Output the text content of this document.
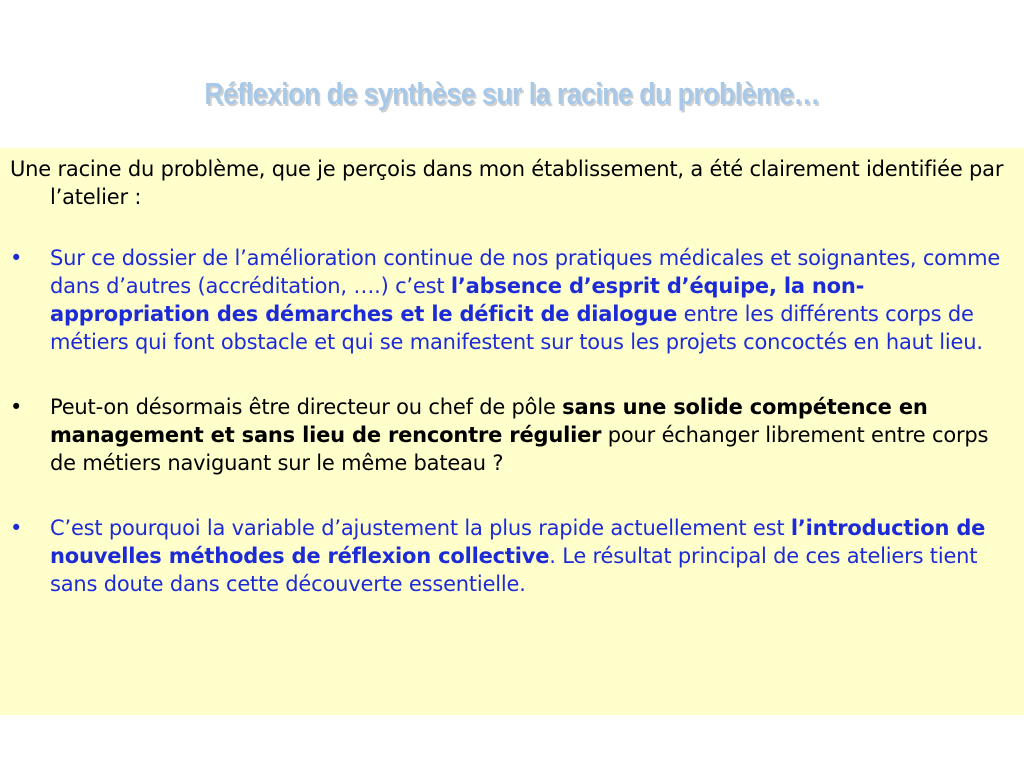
Réflexion de synthèse sur la racine du problème…

Une racine du problème, que je perçois dans mon établissement, a été clairement identifiée par l’atelier :

•	Sur ce dossier de l’amélioration continue de nos pratiques médicales et soignantes, comme dans d’autres (accréditation, ….) c’est l’absence d’esprit d’équipe, la non-appropriation des démarches et le déficit de dialogue entre les différents corps de métiers qui font obstacle et qui se manifestent sur tous les projets concoctés en haut lieu.

•	Peut-on désormais être directeur ou chef de pôle sans une solide compétence en management et sans lieu de rencontre régulier pour échanger librement entre corps de métiers naviguant sur le même bateau ?

•	C’est pourquoi la variable d’ajustement la plus rapide actuellement est l’introduction de nouvelles méthodes de réflexion collective. Le résultat principal de ces ateliers tient sans doute dans cette découverte essentielle.
